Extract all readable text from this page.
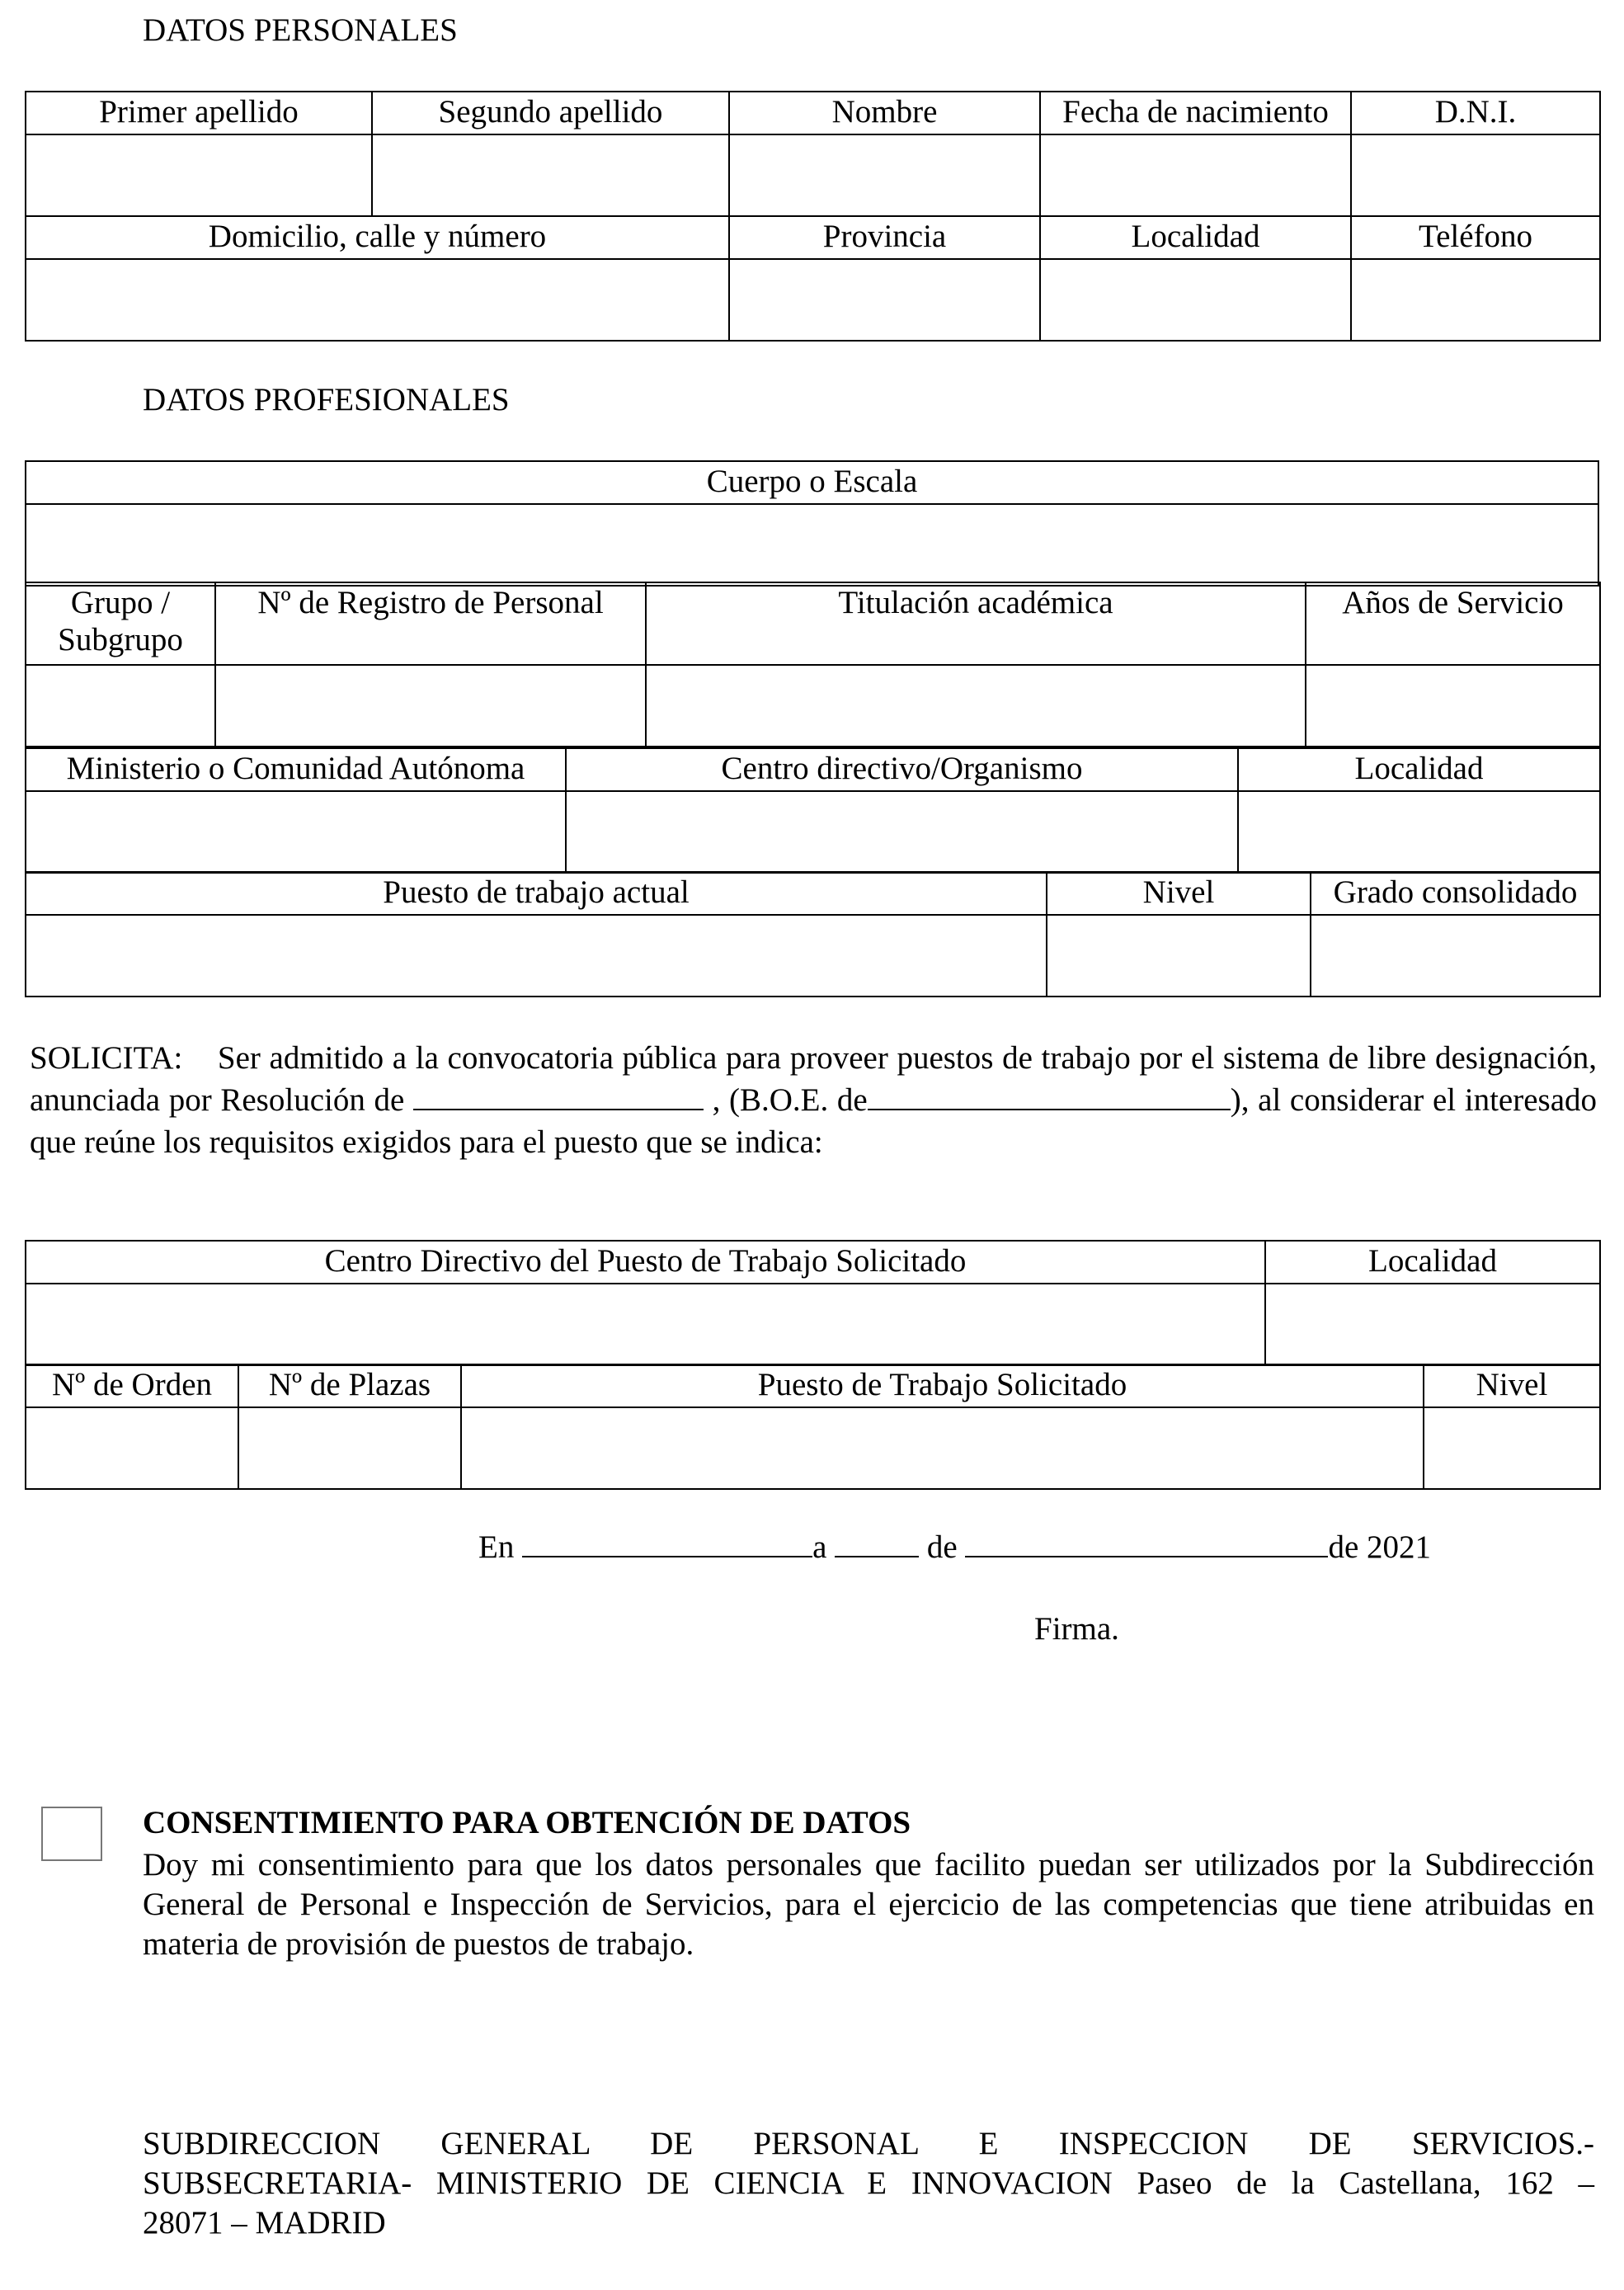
DATOS PERSONALES
Primer apellido	Segundo apellido	Nombre	Fecha de nacimiento	D.N.I.

Domicilio, calle y número		Provincia	Localidad	Teléfono

DATOS PROFESIONALES
Cuerpo o Escala

Grupo / Subgrupo	Nº de Registro de Personal	Titulación académica	Años de Servicio

Ministerio o Comunidad Autónoma	Centro directivo/Organismo	Localidad

Puesto de trabajo actual	Nivel	Grado consolidado

SOLICITA: Ser admitido a la convocatoria pública para proveer puestos de trabajo por el sistema de libre designación, anunciada por Resolución de	, (B.O.E. de	), al considerar el interesado que reúne los requisitos exigidos para el puesto que se indica:
Centro Directivo del Puesto de Trabajo Solicitado	Localidad

Nº de Orden	Nº de Plazas	Puesto de Trabajo Solicitado	Nivel

En	a	de	de 2021
Firma.
CONSENTIMIENTO PARA OBTENCIÓN DE DATOS
Doy mi consentimiento para que los datos personales que facilito puedan ser utilizados por la Subdirección General de Personal e Inspección de Servicios, para el ejercicio de las competencias que tiene atribuidas en materia de provisión de puestos de trabajo.
SUBDIRECCION GENERAL DE PERSONAL E INSPECCION DE SERVICIOS.-
SUBSECRETARIA- MINISTERIO DE CIENCIA E INNOVACION Paseo de la Castellana, 162 –
28071 – MADRID
